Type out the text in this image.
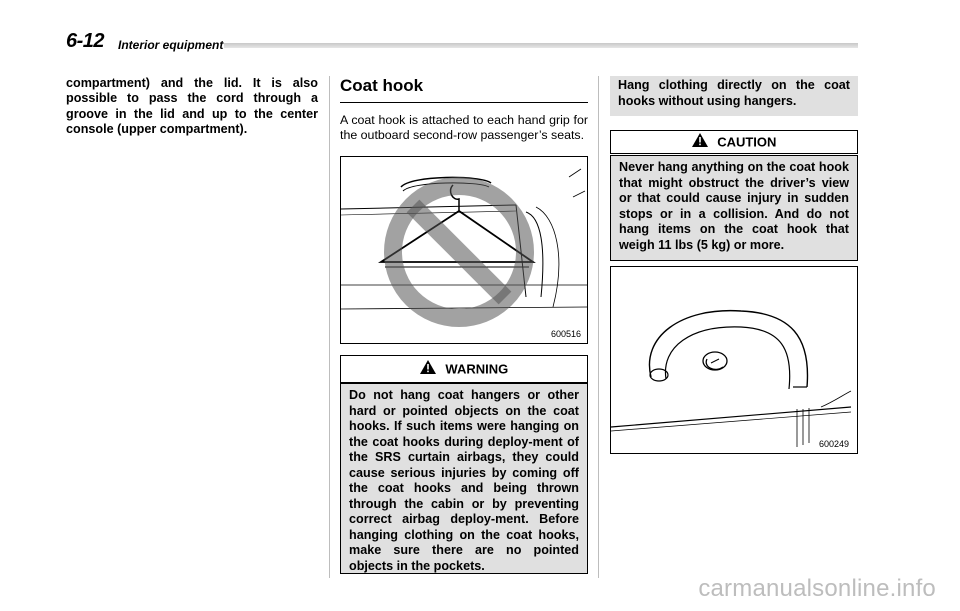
6-12 Interior equipment

compartment) and the lid. It is also possible to pass the cord through a groove in the lid and up to the center console (upper compartment).

Coat hook

A coat hook is attached to each hand grip for the outboard second-row passenger’s seats.

600516
WARNING

Do not hang coat hangers or other hard or pointed objects on the coat hooks. If such items were hanging on the coat hooks during deploy-ment of the SRS curtain airbags, they could cause serious injuries by coming off the coat hooks and being thrown through the cabin or by preventing correct airbag deploy-ment. Before hanging clothing on the coat hooks, make sure there are no pointed objects in the pockets.

Hang clothing directly on the coat hooks without using hangers.

CAUTION

Never hang anything on the coat hook that might obstruct the driver’s view or that could cause injury in sudden stops or in a collision. And do not hang items on the coat hook that weigh 11 lbs (5 kg) or more.

600249
carmanualsonline.info
